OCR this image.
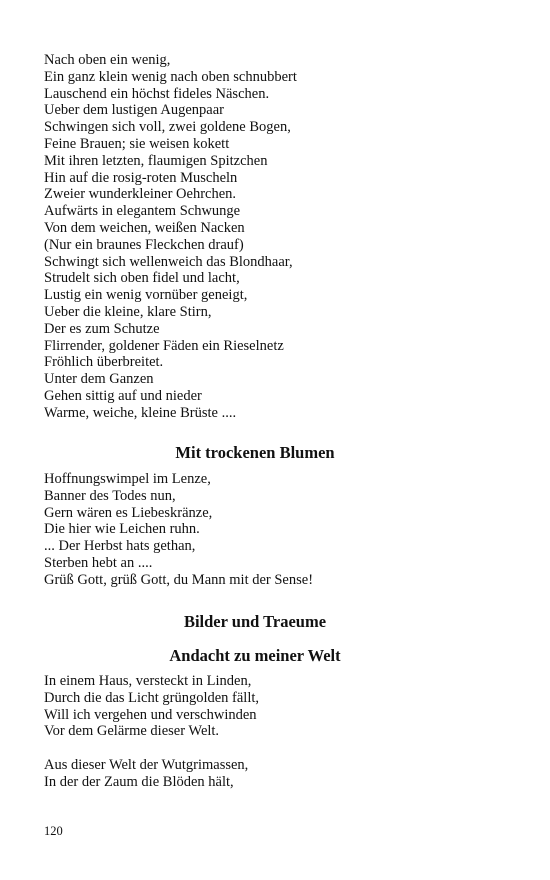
Nach oben ein wenig,
Ein ganz klein wenig nach oben schnubbert
Lauschend ein höchst fideles Näschen.
Ueber dem lustigen Augenpaar
Schwingen sich voll, zwei goldene Bogen,
Feine Brauen; sie weisen kokett
Mit ihren letzten, flaumigen Spitzchen
Hin auf die rosig-roten Muscheln
Zweier wunderkleiner Oehrchen.
Aufwärts in elegantem Schwunge
Von dem weichen, weißen Nacken
(Nur ein braunes Fleckchen drauf)
Schwingt sich wellenweich das Blondhaar,
Strudelt sich oben fidel und lacht,
Lustig ein wenig vornüber geneigt,
Ueber die kleine, klare Stirn,
Der es zum Schutze
Flirrender, goldener Fäden ein Rieselnetz
Fröhlich überbreitet.
Unter dem Ganzen
Gehen sittig auf und nieder
Warme, weiche, kleine Brüste ....
Mit trockenen Blumen
Hoffnungswimpel im Lenze,
Banner des Todes nun,
Gern wären es Liebeskränze,
Die hier wie Leichen ruhn.
... Der Herbst hats gethan,
Sterben hebt an ....
Grüß Gott, grüß Gott, du Mann mit der Sense!
Bilder und Traeume
Andacht zu meiner Welt
In einem Haus, versteckt in Linden,
Durch die das Licht grüngolden fällt,
Will ich vergehen und verschwinden
Vor dem Gelärme dieser Welt.
Aus dieser Welt der Wutgrimassen,
In der der Zaum die Blöden hält,
120
